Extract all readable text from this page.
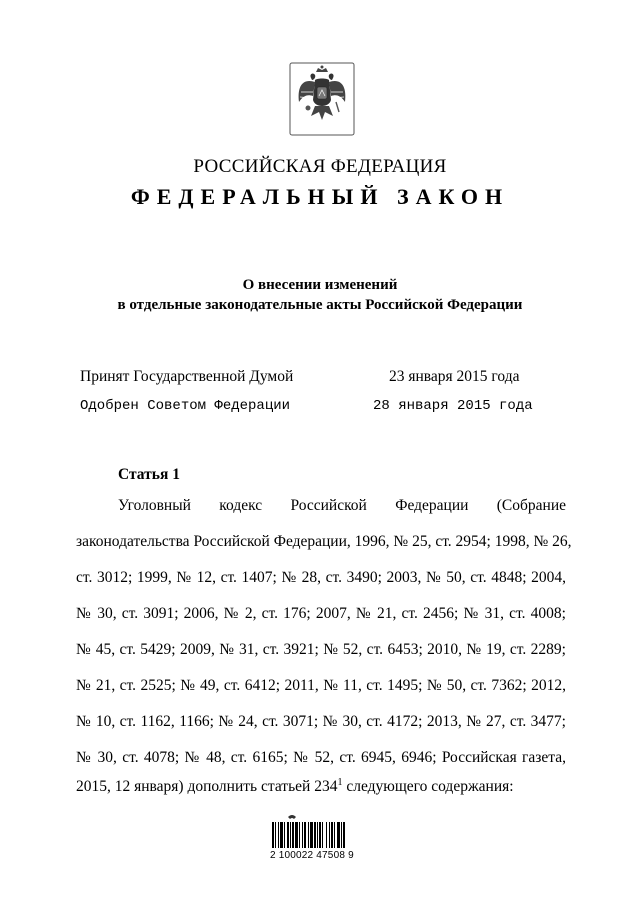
РОССИЙСКАЯ ФЕДЕРАЦИЯ
ФЕДЕРАЛЬНЫЙ ЗАКОН
О внесении изменений
в отдельные законодательные акты Российской Федерации
Принят Государственной Думой	23 января 2015 года
Одобрен Советом Федерации	28 января 2015 года
Статья 1
Уголовный кодекс Российской Федерации (Собрание
законодательства Российской Федерации, 1996, № 25, ст. 2954; 1998, № 26,
ст. 3012; 1999, № 12, ст. 1407; № 28, ст. 3490; 2003, № 50, ст. 4848; 2004,
№ 30, ст. 3091; 2006, № 2, ст. 176; 2007, № 21, ст. 2456; № 31, ст. 4008;
№ 45, ст. 5429; 2009, № 31, ст. 3921; № 52, ст. 6453; 2010, № 19, ст. 2289;
№ 21, ст. 2525; № 49, ст. 6412; 2011, № 11, ст. 1495; № 50, ст. 7362; 2012,
№ 10, ст. 1162, 1166; № 24, ст. 3071; № 30, ст. 4172; 2013, № 27, ст. 3477;
№ 30, ст. 4078; № 48, ст. 6165; № 52, ст. 6945, 6946; Российская газета,
2015, 12 января) дополнить статьей $234^1$ следующего содержания:
2 100022 47508 9
